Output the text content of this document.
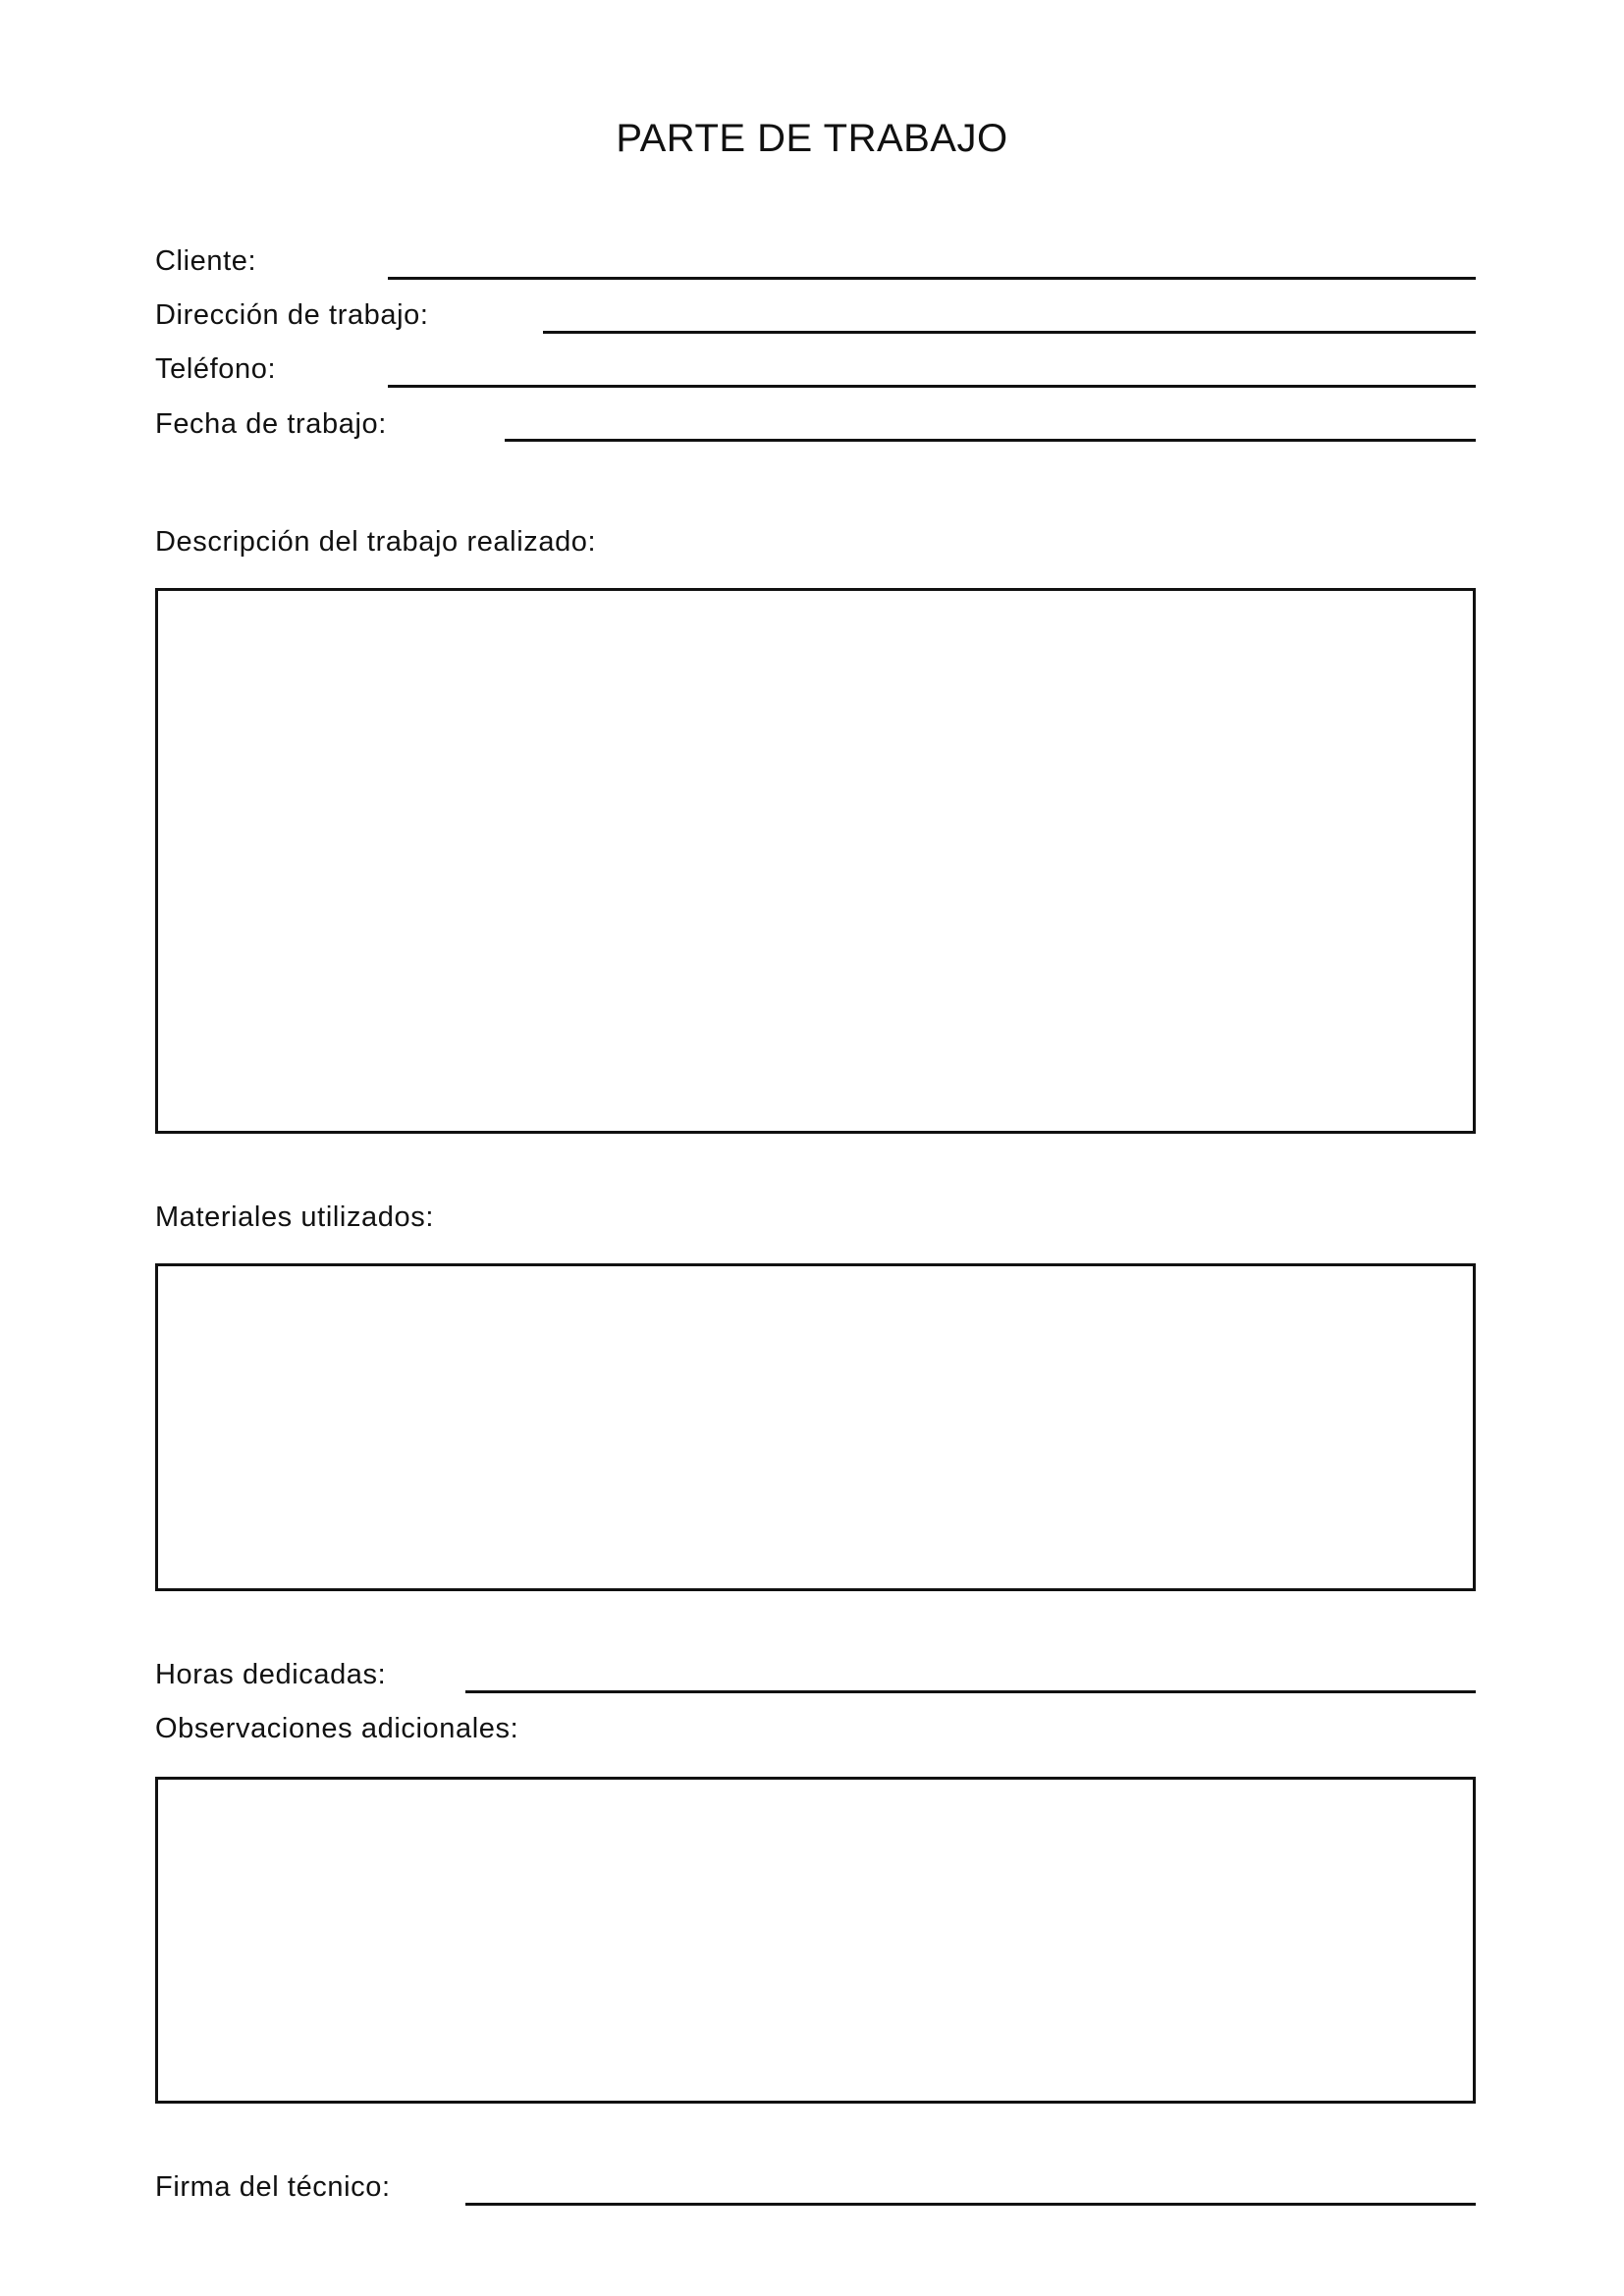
PARTE DE TRABAJO
Cliente:
Dirección de trabajo:
Teléfono:
Fecha de trabajo:
Descripción del trabajo realizado:
Materiales utilizados:
Horas dedicadas:
Observaciones adicionales:
Firma del técnico:
